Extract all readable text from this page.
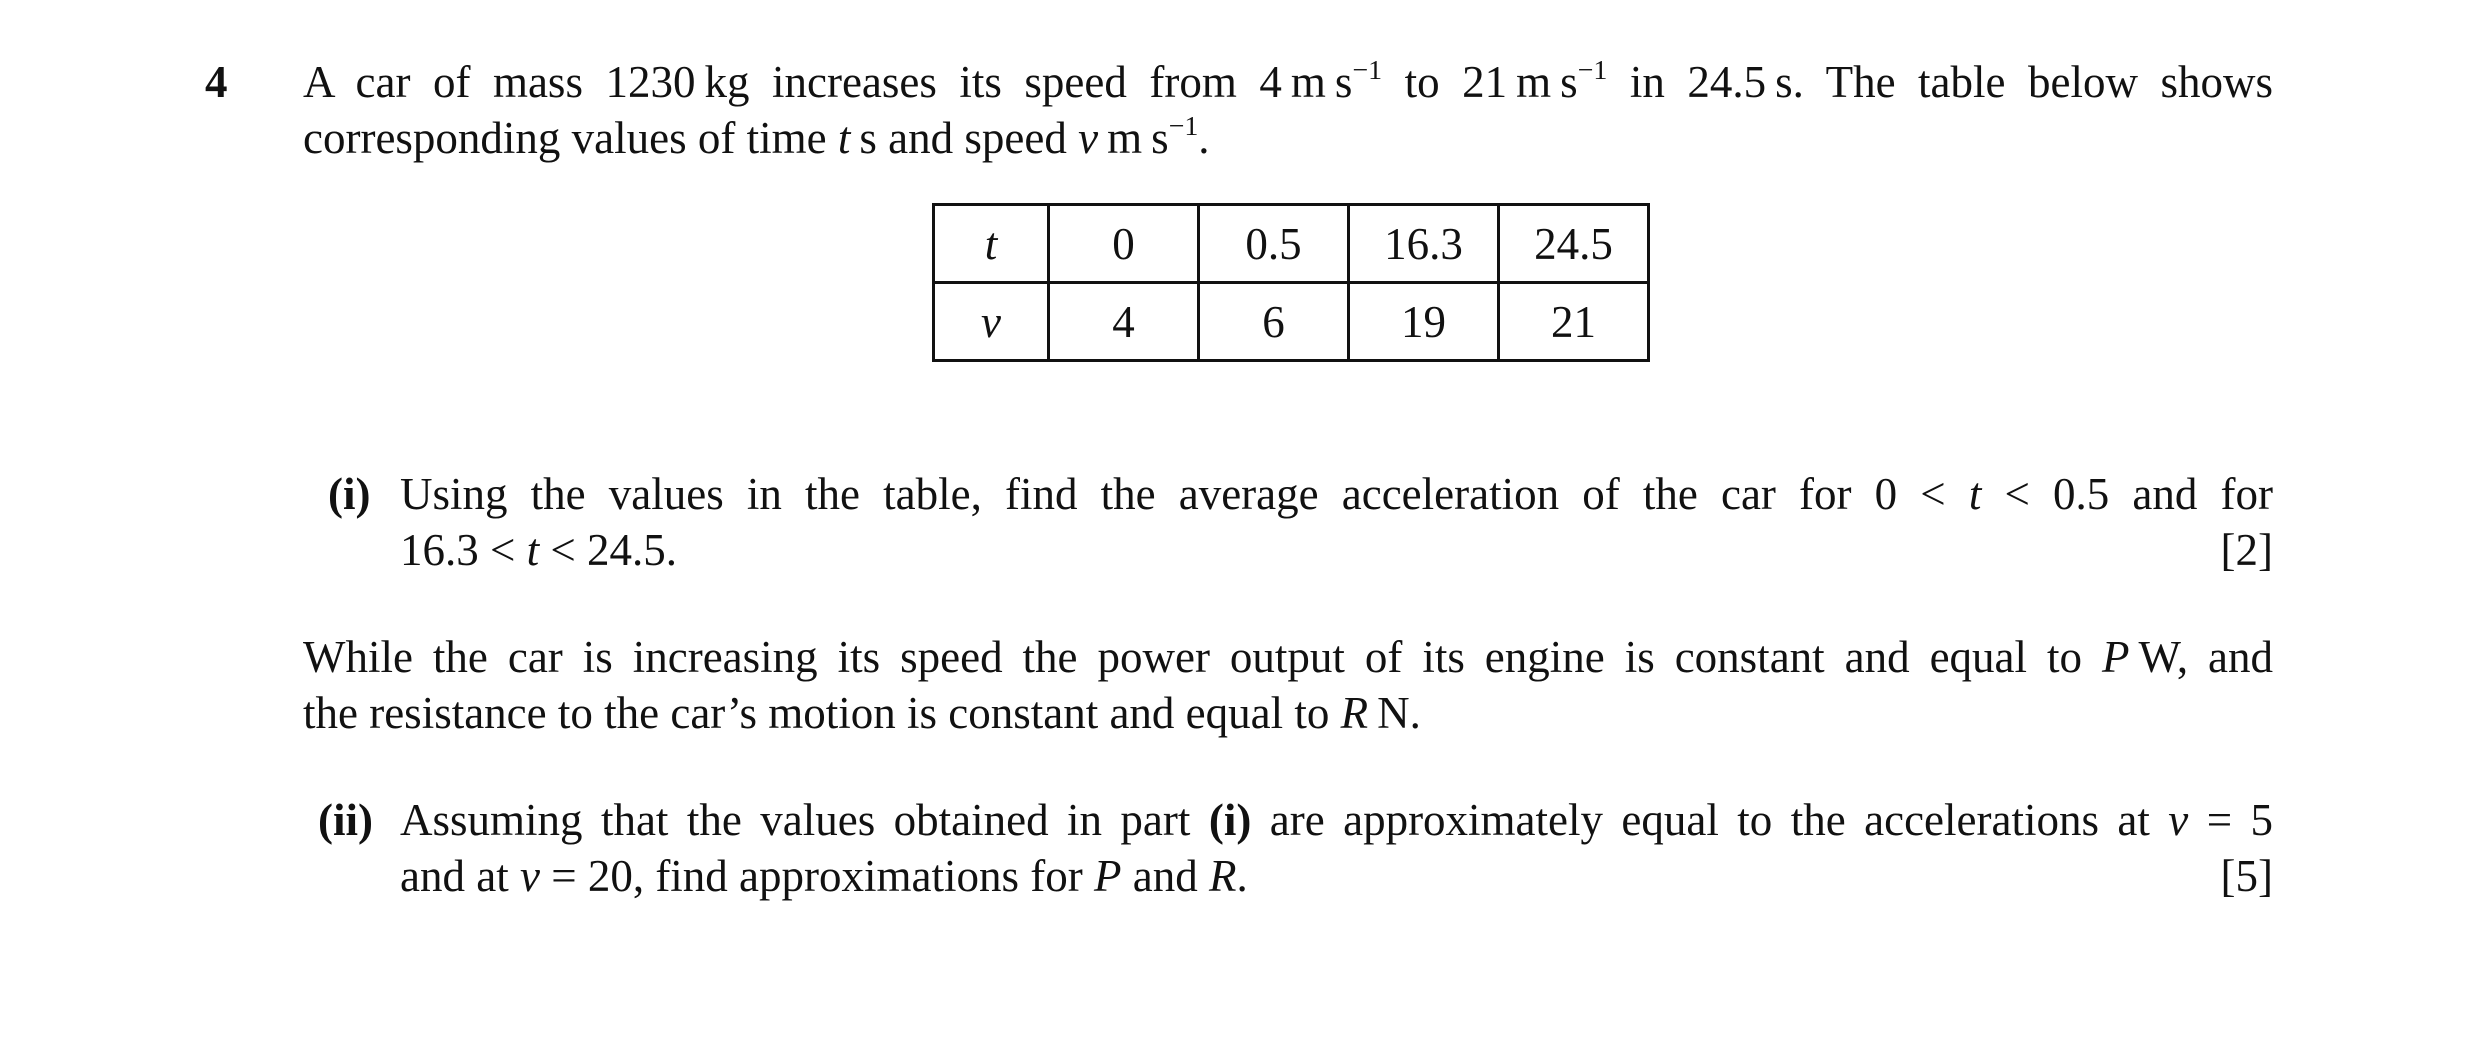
4 A car of mass 1230 kg increases its speed from 4 m $s^{-1}$ to 21 m $s^{-1}$ in 24.5 s. The table below shows
corresponding values of time t s and speed v m $s^{-1}$.
t	0	0.5	16.3	24.5
v	4	6	19	21
(i) Using the values in the table, find the average acceleration of the car for 0 < t < 0.5 and for
16.3 < t < 24.5.	[2]
While the car is increasing its speed the power output of its engine is constant and equal to P W, and
the resistance to the car’s motion is constant and equal to R N.
(ii) Assuming that the values obtained in part (i) are approximately equal to the accelerations at v = 5
and at v = 20, find approximations for P and R.	[5]
